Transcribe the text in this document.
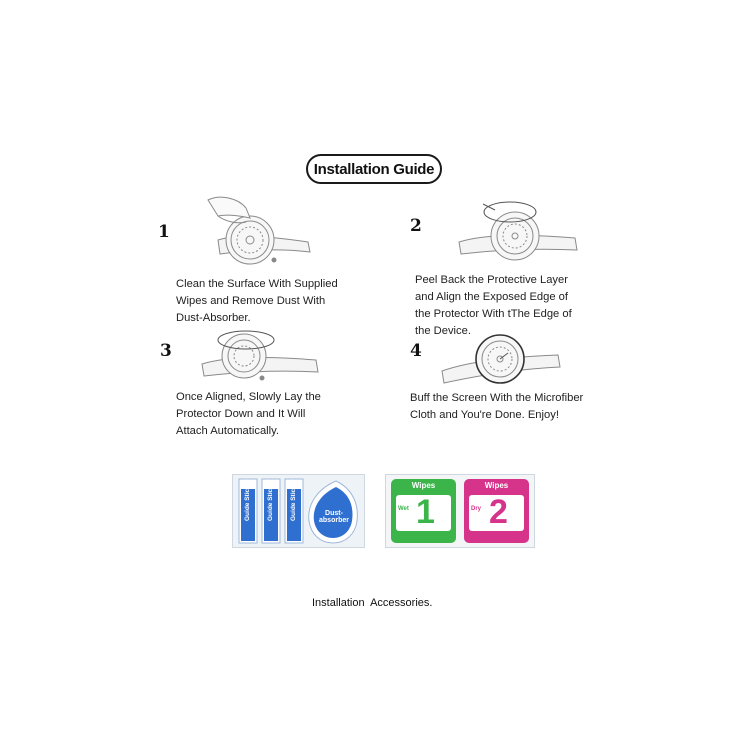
Installation Guide
1	2
3	4
Clean the Surface With Supplied
Wipes and Remove Dust With
Dust-Absorber.
Peel Back the Protective Layer
and Align the Exposed Edge of
the Protector With tThe Edge of
the Device.
Once Aligned, Slowly Lay the
Protector Down and It Will
Attach Automatically.
Buff the Screen With the Microfiber
Cloth and You're Done. Enjoy!
Guide Sticker	Guide Sticker	Guide Sticker	Dust-absorber
Wipes	Wipes
Wet	Dry
1 2
Installation  Accessories.
